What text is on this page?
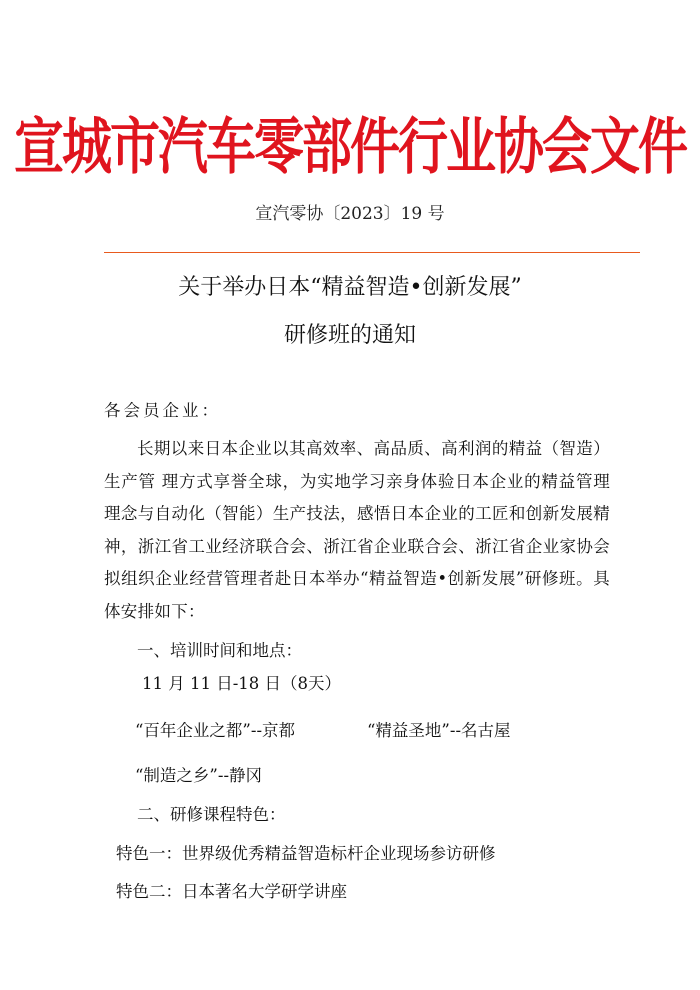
宣城市汽车零部件行业协会文件
宣汽零协〔2023〕19 号
关于举办日本“精益智造•创新发展”
研修班的通知
各会员企业：
长期以来日本企业以其高效率、高品质、高利润的精益（智造）生产管 理方式享誉全球，为实地学习亲身体验日本企业的精益管理理念与自动化（智能）生产技法，感悟日本企业的工匠和创新发展精神，浙江省工业经济联合会、浙江省企业联合会、浙江省企业家协会拟组织企业经营管理者赴日本举办“精益智造•创新发展”研修班。具体安排如下：
一、培训时间和地点：
11 月 11 日-18 日（8天）
“百年企业之都”--京都	“精益圣地”--名古屋
“制造之乡”--静冈
二、研修课程特色：
特色一：世界级优秀精益智造标杆企业现场参访研修
特色二：日本著名大学研学讲座
